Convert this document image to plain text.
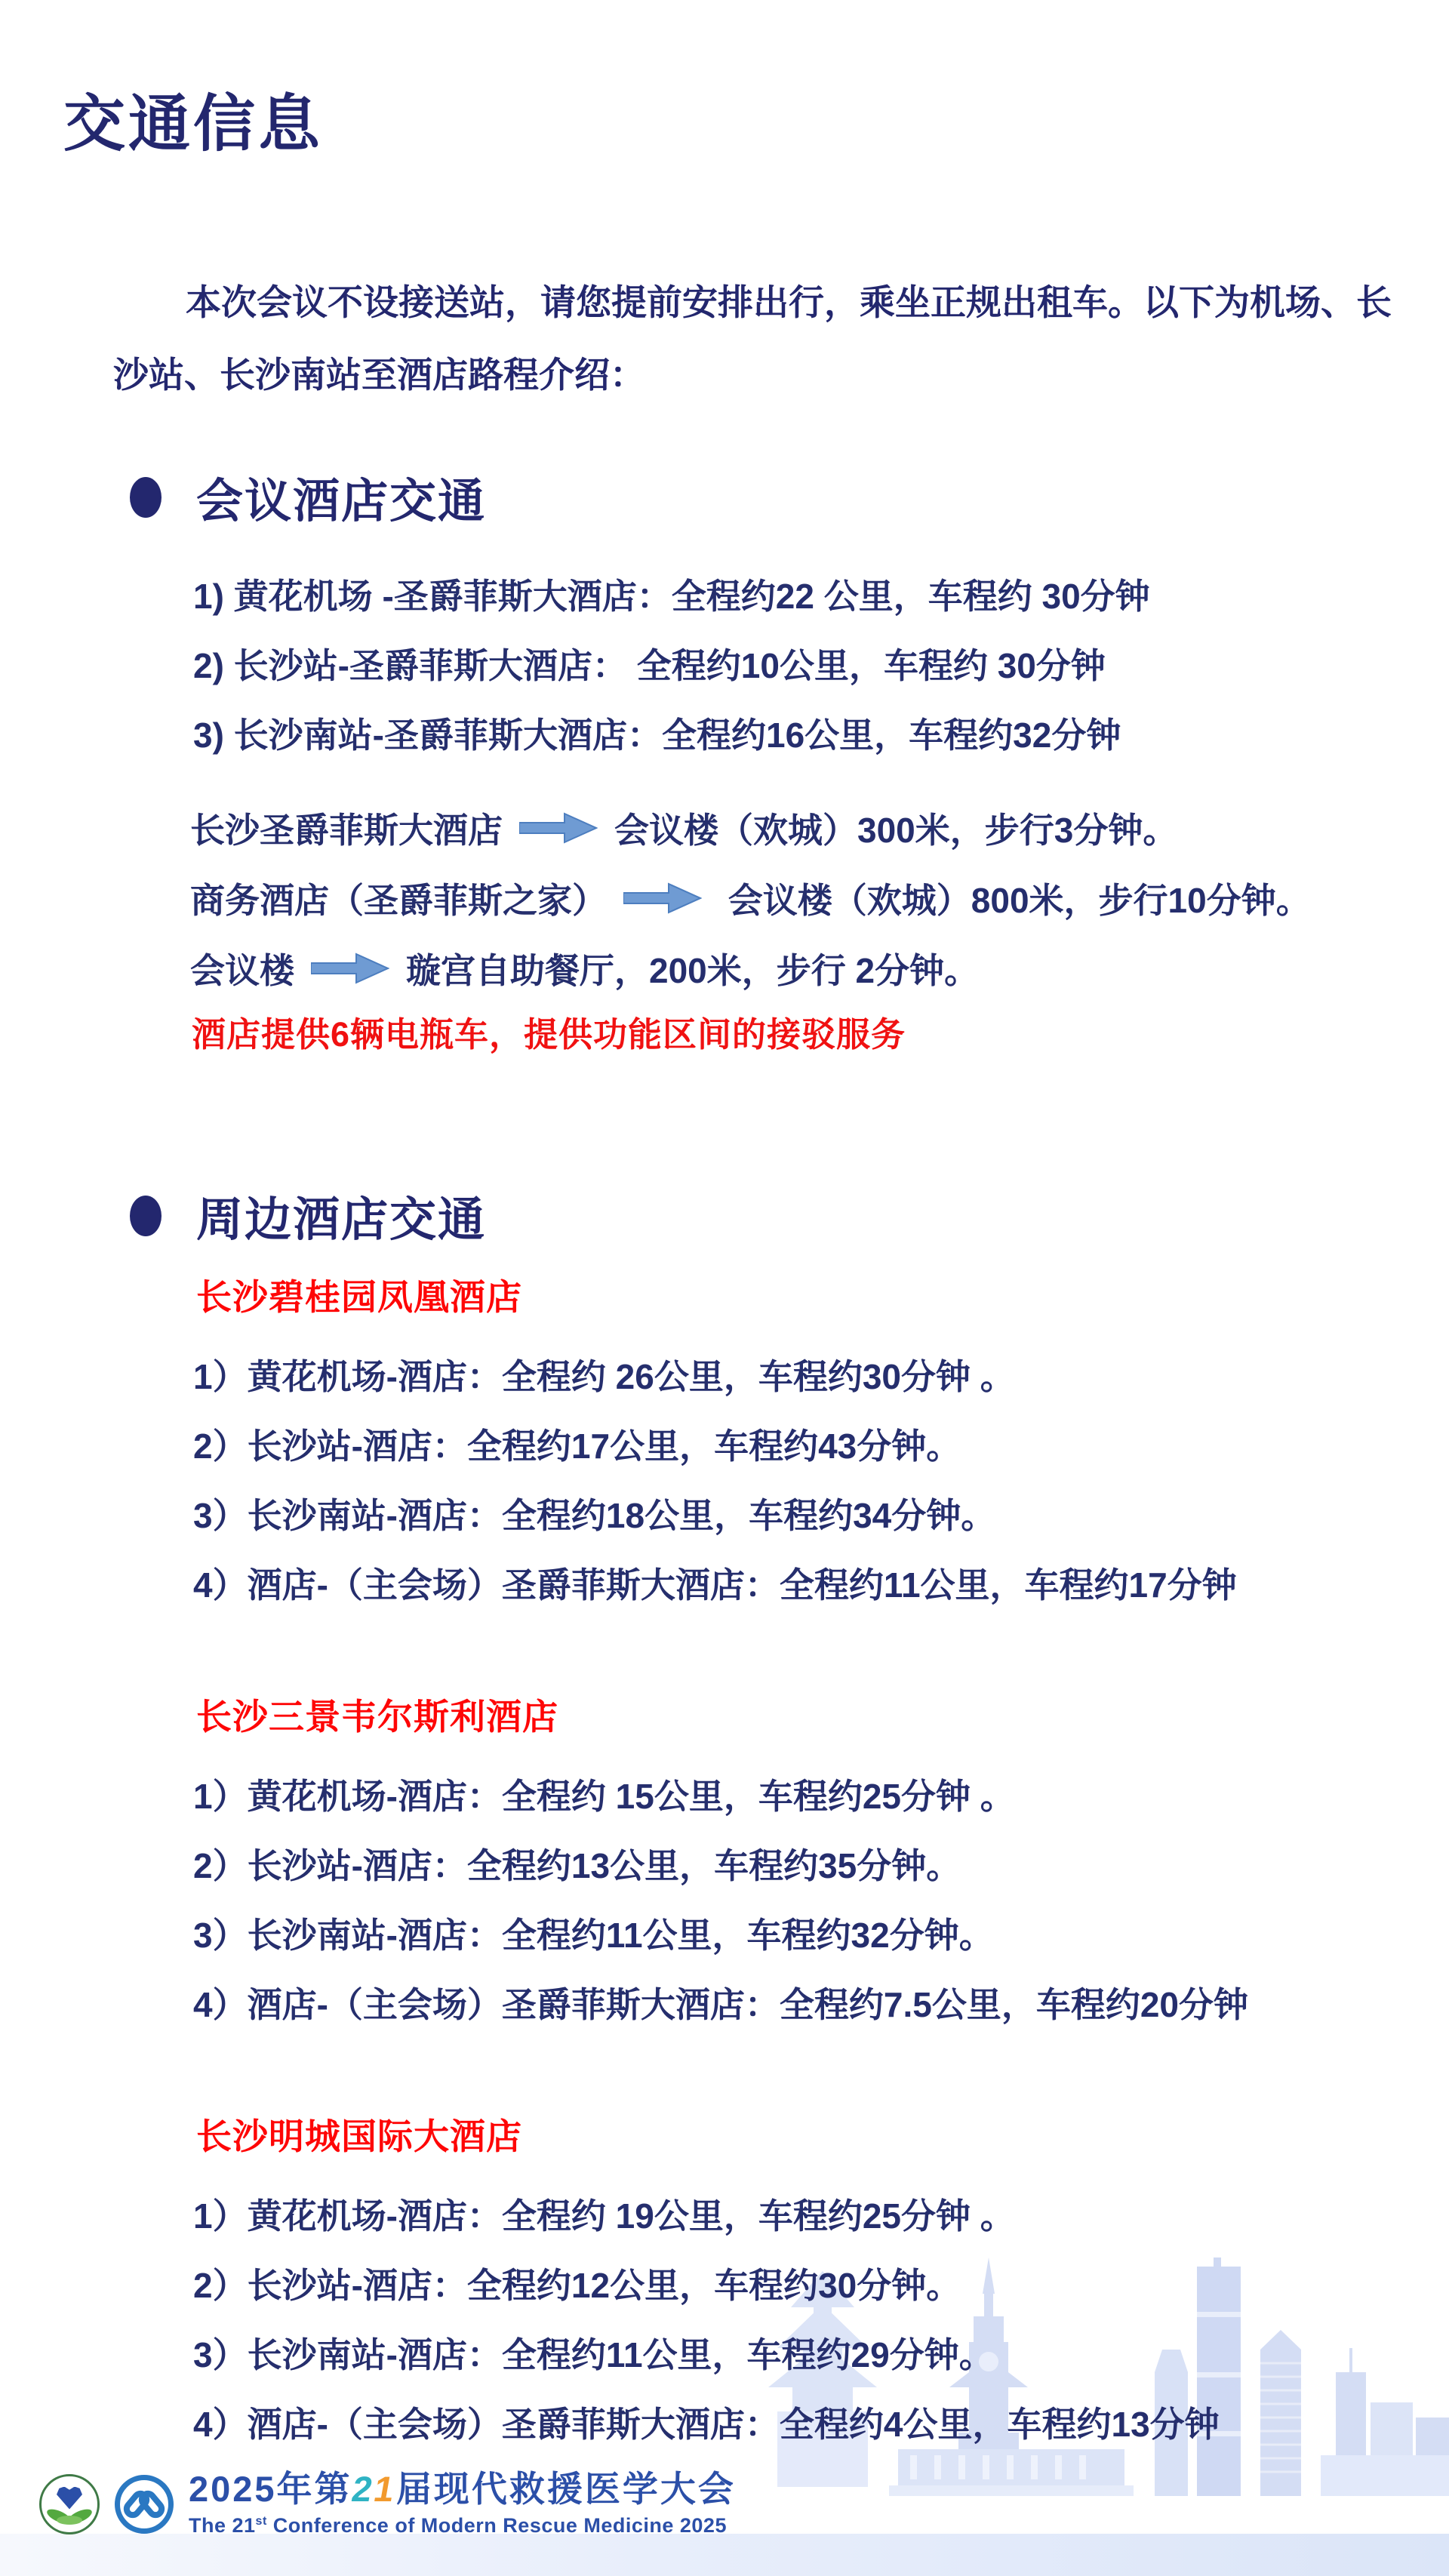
交通信息

本次会议不设接送站，请您提前安排出行，乘坐正规出租车。以下为机场、长沙站、长沙南站至酒店路程介绍：

会议酒店交通
1) 黄花机场 -圣爵菲斯大酒店：全程约22 公里，车程约 30分钟
2) 长沙站-圣爵菲斯大酒店： 全程约10公里，车程约 30分钟
3) 长沙南站-圣爵菲斯大酒店：全程约16公里，车程约32分钟
长沙圣爵菲斯大酒店	会议楼（欢城）300米，步行3分钟。
商务酒店（圣爵菲斯之家）	会议楼（欢城）800米，步行10分钟。
会议楼	璇宫自助餐厅，200米，步行 2分钟。
酒店提供6辆电瓶车，提供功能区间的接驳服务
周边酒店交通
长沙碧桂园凤凰酒店
1）黄花机场-酒店：全程约 26公里，车程约30分钟 。
2）长沙站-酒店：全程约17公里，车程约43分钟。
3）长沙南站-酒店：全程约18公里，车程约34分钟。
4）酒店-（主会场）圣爵菲斯大酒店：全程约11公里，车程约17分钟
长沙三景韦尔斯利酒店
1）黄花机场-酒店：全程约 15公里，车程约25分钟 。
2）长沙站-酒店：全程约13公里，车程约35分钟。
3）长沙南站-酒店：全程约11公里，车程约32分钟。
4）酒店-（主会场）圣爵菲斯大酒店：全程约7.5公里，车程约20分钟
长沙明城国际大酒店
1）黄花机场-酒店：全程约 19公里，车程约25分钟 。
2）长沙站-酒店：全程约12公里，车程约30分钟。
3）长沙南站-酒店：全程约11公里，车程约29分钟。
4）酒店-（主会场）圣爵菲斯大酒店：全程约4公里，车程约13分钟
2025年第21届现代救援医学大会
The 21st Conference of Modern Rescue Medicine 2025
